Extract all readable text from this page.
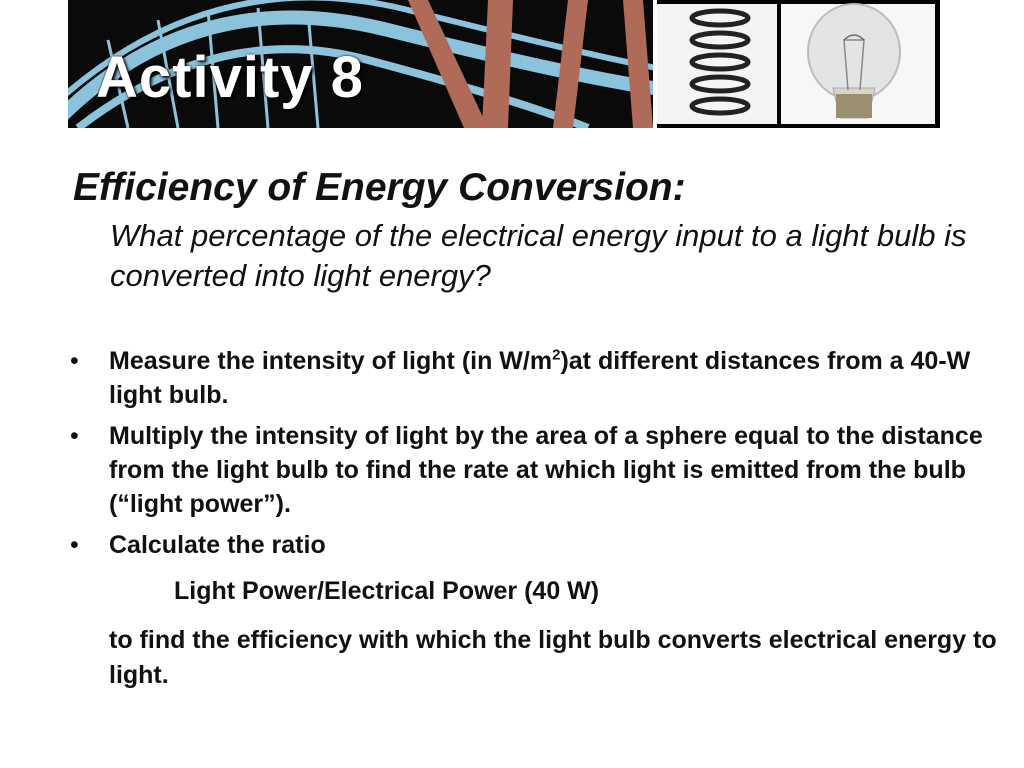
Activity 8
Efficiency of Energy Conversion:

What percentage of the electrical energy input to a light bulb is converted into light energy?

• Measure the intensity of light (in $W/m^2)at$ different distances from a 40-W light bulb.
• Multiply the intensity of light by the area of a sphere equal to the distance from the light bulb to find the rate at which light is emitted from the bulb (“light power”).
• Calculate the ratio
Light Power/Electrical Power (40 W)

to find the efficiency with which the light bulb converts electrical energy to light.
